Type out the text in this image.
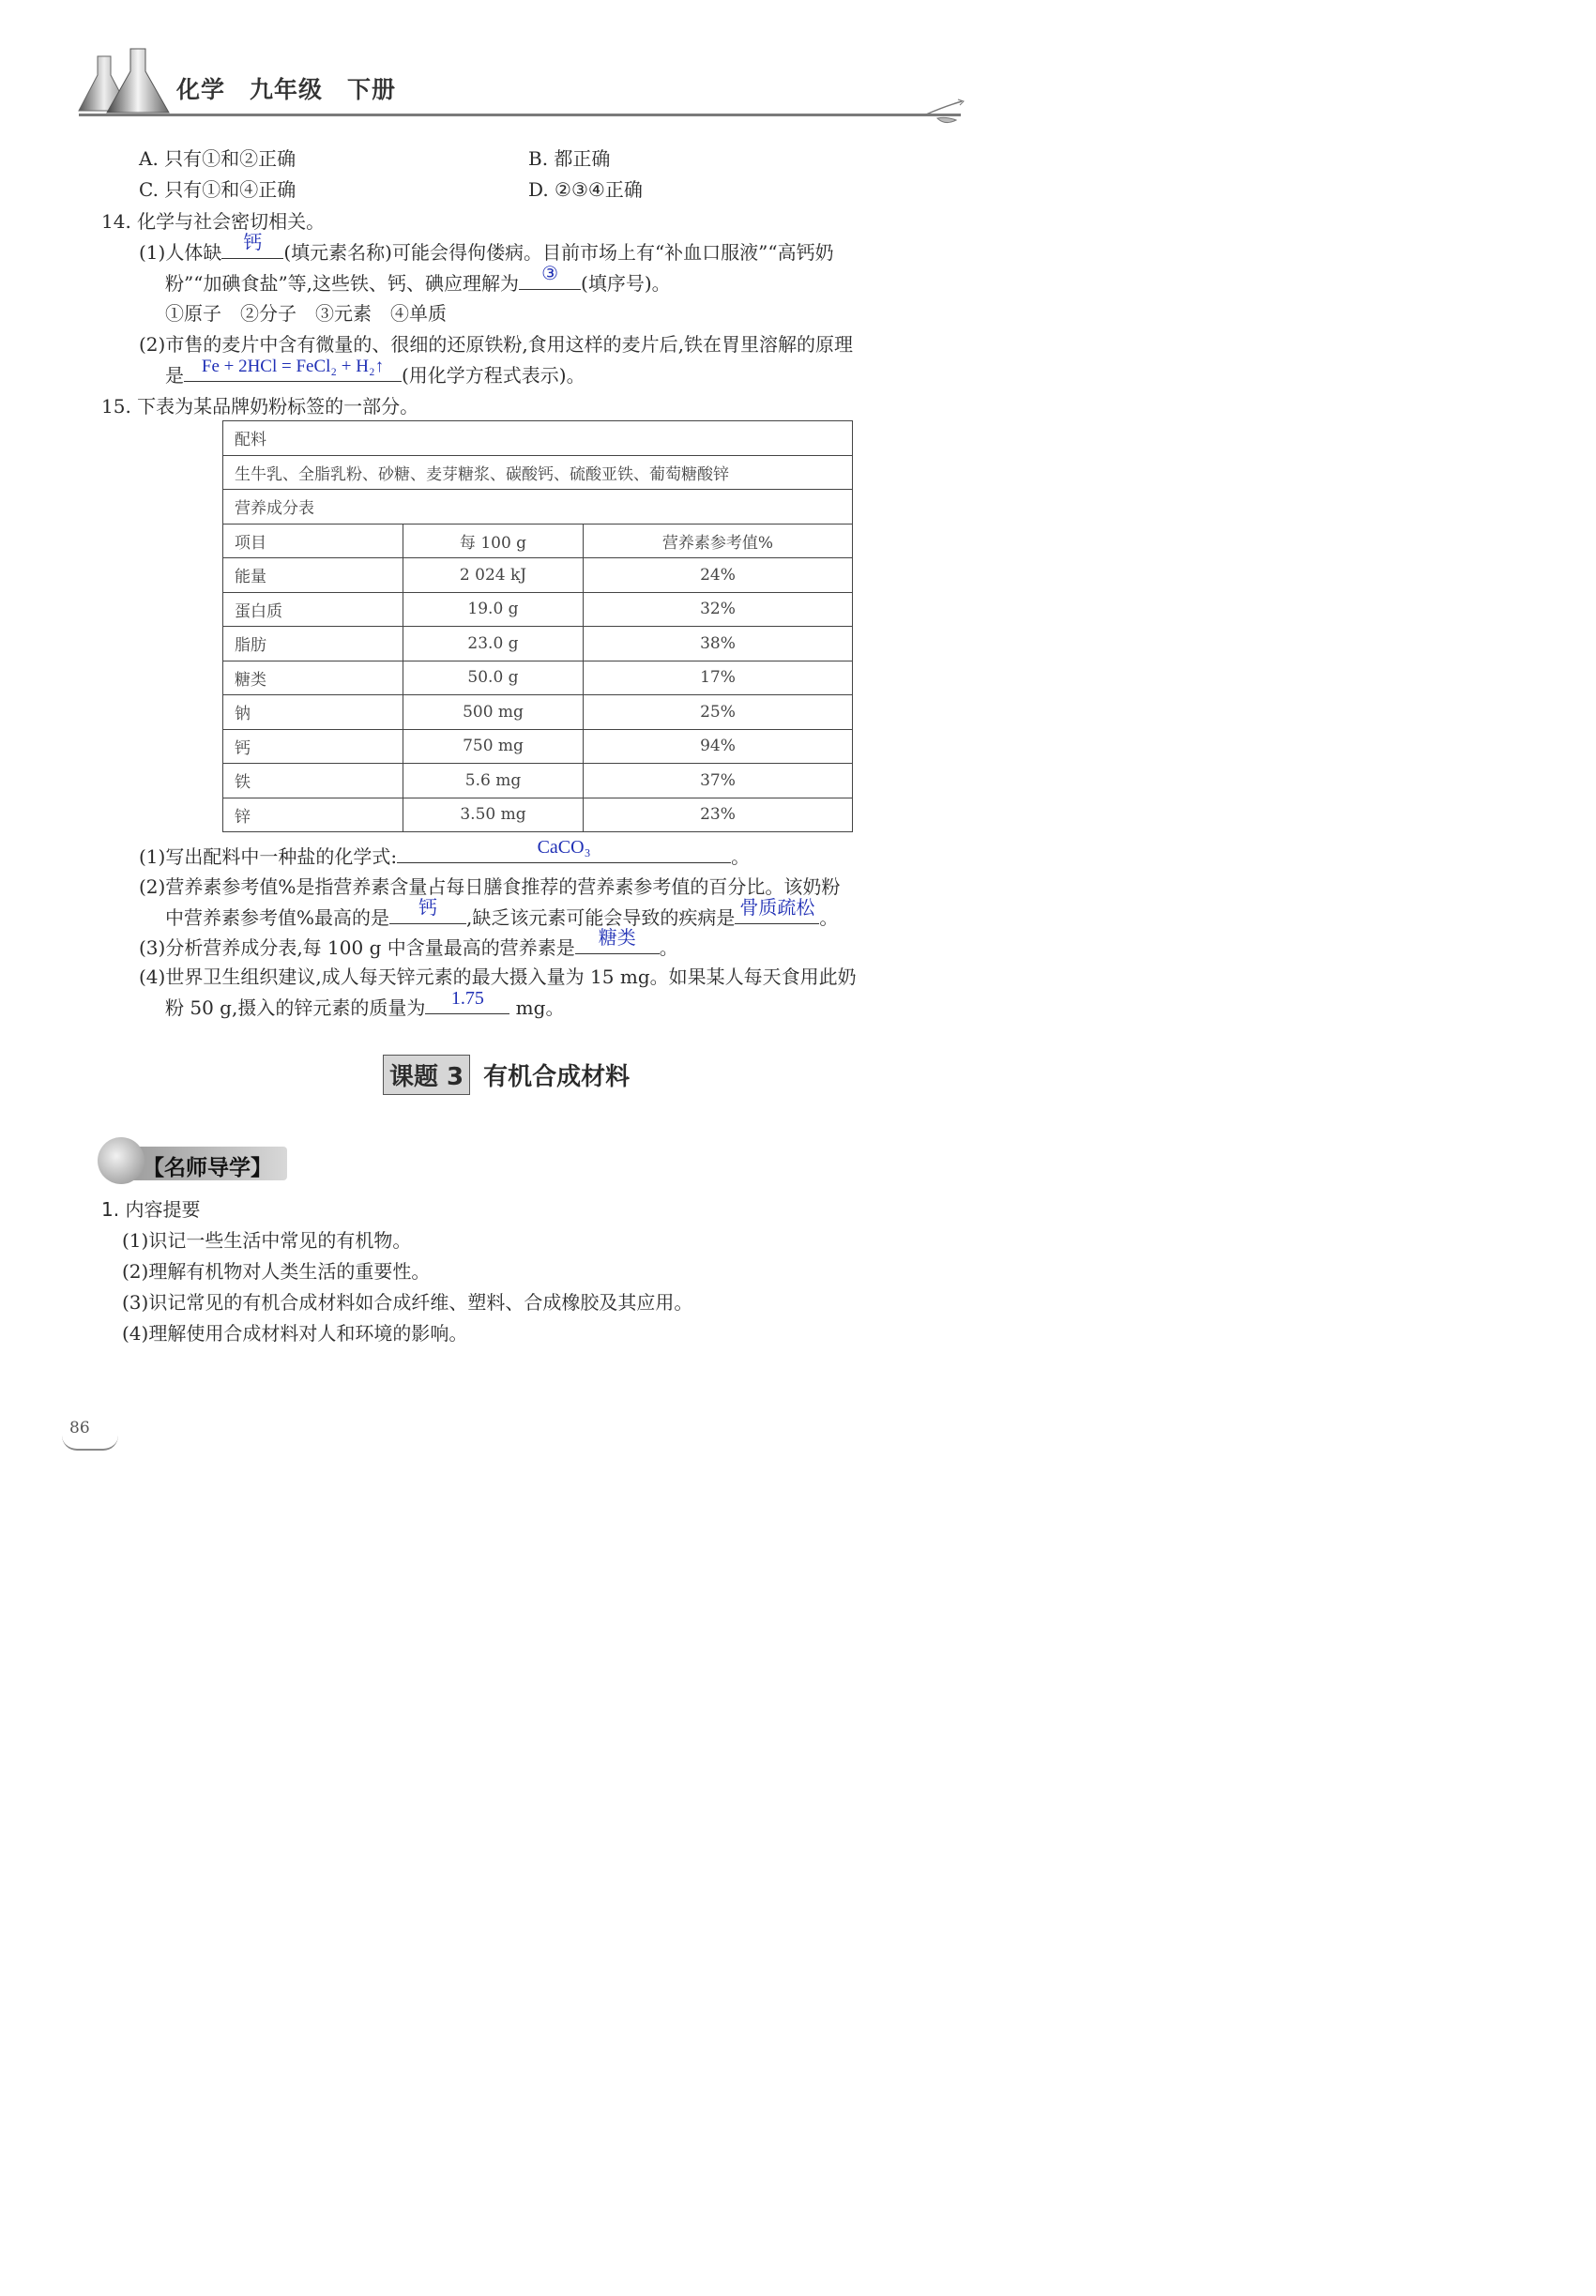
化学　九年级　下册
A. 只有①和②正确	B. 都正确
C. 只有①和④正确	D. ②③④正确
14. 化学与社会密切相关。
(1)人体缺	钙	(填元素名称)可能会得佝偻病。目前市场上有“补血口服液”“高钙奶
粉”“加碘食盐”等,这些铁、钙、碘应理解为	③	(填序号)。
①原子　②分子　③元素　④单质
(2)市售的麦片中含有微量的、很细的还原铁粉,食用这样的麦片后,铁在胃里溶解的原理
是 Fe + 2HCl = FeCl₂ + H₂↑ (用化学方程式表示)。
15. 下表为某品牌奶粉标签的一部分。
配料		
生牛乳、全脂乳粉、砂糖、麦芽糖浆、碳酸钙、硫酸亚铁、葡萄糖酸锌		
营养成分表		
项目	每 100 g	营养素参考值%
能量	2 024 kJ	24%
蛋白质	19.0 g	32%
脂肪	23.0 g	38%
糖类	50.0 g	17%
钠	500 mg	25%
钙	750 mg	94%
铁	5.6 mg	37%
锌	3.50 mg	23%
(1)写出配料中一种盐的化学式:	CaCO₃	。
(2)营养素参考值%是指营养素含量占每日膳食推荐的营养素参考值的百分比。该奶粉
中营养素参考值%最高的是	钙	,缺乏该元素可能会导致的疾病是 骨质疏松 。
(3)分析营养成分表,每 100 g 中含量最高的营养素是	糖类	。
(4)世界卫生组织建议,成人每天锌元素的最大摄入量为 15 mg。如果某人每天食用此奶
粉 50 g,摄入的锌元素的质量为	1.75	mg。
课题 3 有机合成材料
【名师导学】
1. 内容提要
(1)识记一些生活中常见的有机物。
(2)理解有机物对人类生活的重要性。
(3)识记常见的有机合成材料如合成纤维、塑料、合成橡胶及其应用。
(4)理解使用合成材料对人和环境的影响。
86
